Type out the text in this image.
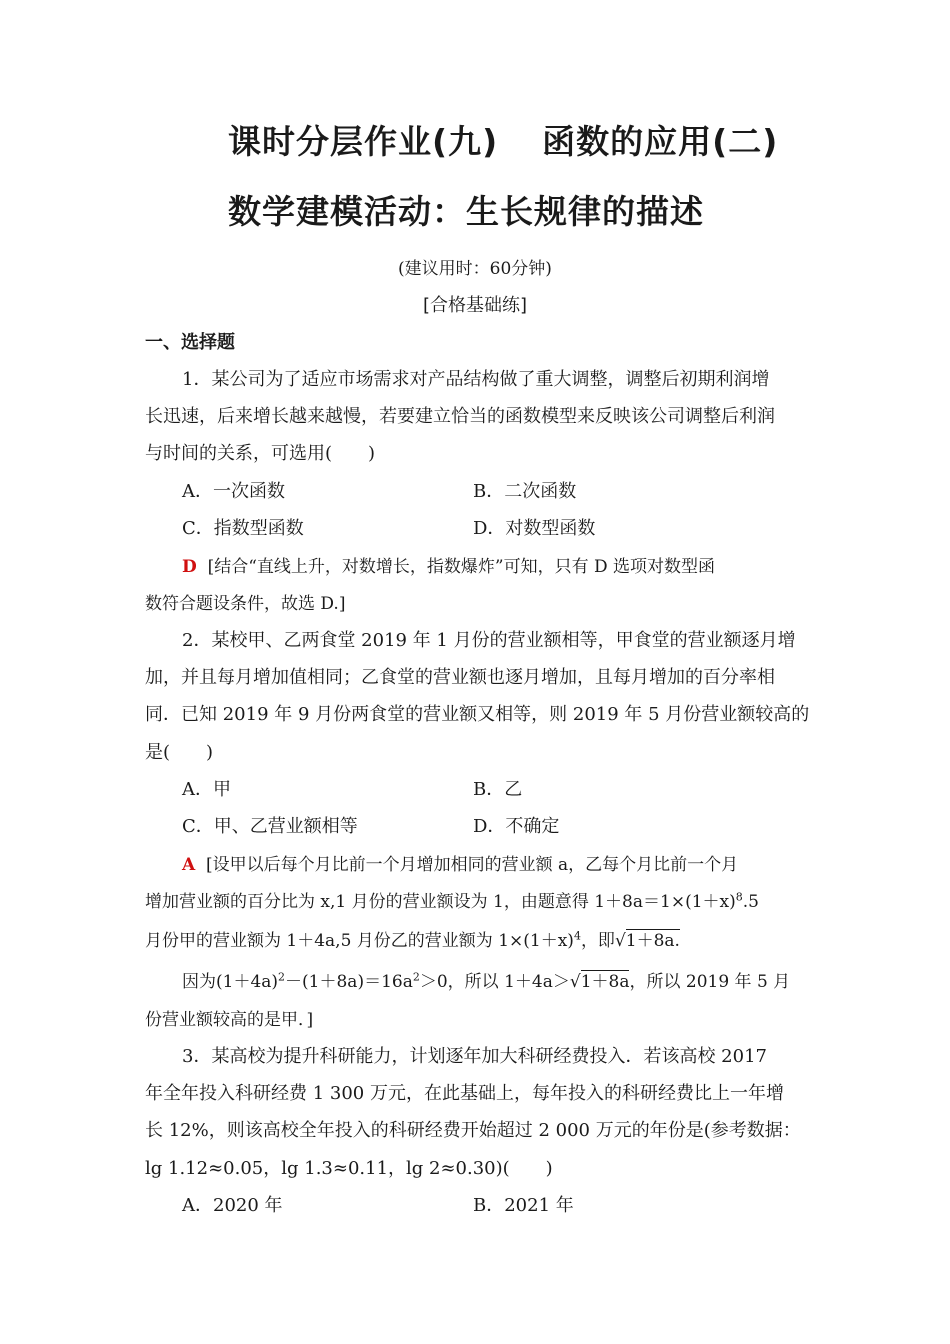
课时分层作业(九) 函数的应用(二)
数学建模活动：生长规律的描述
(建议用时：60分钟)
[合格基础练]
一、选择题
1．某公司为了适应市场需求对产品结构做了重大调整，调整后初期利润增
长迅速，后来增长越来越慢，若要建立恰当的函数模型来反映该公司调整后利润
与时间的关系，可选用(　　)
A．一次函数	B．二次函数
C．指数型函数	D．对数型函数
D [结合“直线上升，对数增长，指数爆炸”可知，只有 D 选项对数型函
数符合题设条件，故选 D.]
2．某校甲、乙两食堂 2019 年 1 月份的营业额相等，甲食堂的营业额逐月增
加，并且每月增加值相同；乙食堂的营业额也逐月增加，且每月增加的百分率相
同．已知 2019 年 9 月份两食堂的营业额又相等，则 2019 年 5 月份营业额较高的
是(　　)
A．甲	B．乙
C．甲、乙营业额相等	D．不确定
A [设甲以后每个月比前一个月增加相同的营业额 a，乙每个月比前一个月
增加营业额的百分比为 x,1 月份的营业额设为 1，由题意得 $1+8a=1\times(1+x)^8.5$
月份甲的营业额为 1＋4a,5 月份乙的营业额为 $1\times(1+x)^4$，即√1＋8a.
因为$(1+4a)^2-(1+8a)=16a^2>0$，所以 1＋4a＞√1＋8a，所以 2019 年 5 月
份营业额较高的是甲．]
3．某高校为提升科研能力，计划逐年加大科研经费投入．若该高校 2017
年全年投入科研经费 1 300 万元，在此基础上，每年投入的科研经费比上一年增
长 12%，则该高校全年投入的科研经费开始超过 2 000 万元的年份是(参考数据：
lg 1.12≈0.05，lg 1.3≈0.11，lg 2≈0.30)(　　)
A．2020 年	B．2021 年
